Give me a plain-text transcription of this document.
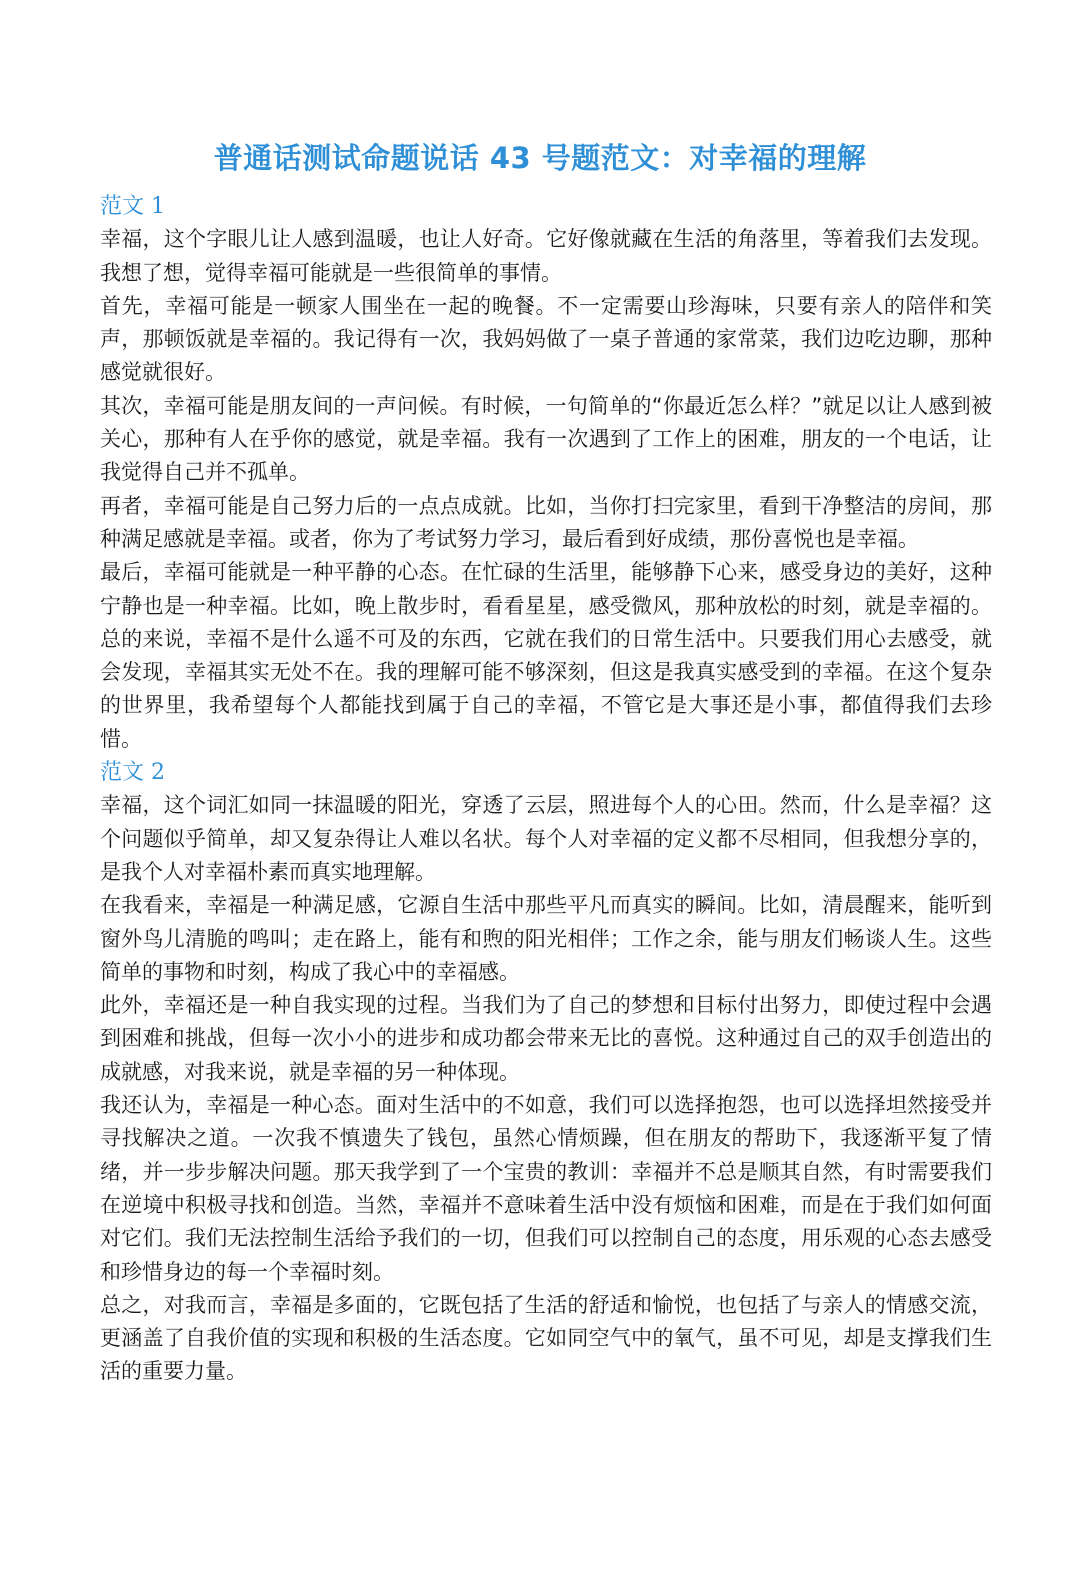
普通话测试命题说话 43 号题范文：对幸福的理解
范文 1

幸福，这个字眼儿让人感到温暖，也让人好奇。它好像就藏在生活的角落里，等着我们去发现。我想了想，觉得幸福可能就是一些很简单的事情。

首先，幸福可能是一顿家人围坐在一起的晚餐。不一定需要山珍海味，只要有亲人的陪伴和笑声，那顿饭就是幸福的。我记得有一次，我妈妈做了一桌子普通的家常菜，我们边吃边聊，那种感觉就很好。

其次，幸福可能是朋友间的一声问候。有时候，一句简单的“你最近怎么样？”就足以让人感到被关心，那种有人在乎你的感觉，就是幸福。我有一次遇到了工作上的困难，朋友的一个电话，让我觉得自己并不孤单。

再者，幸福可能是自己努力后的一点点成就。比如，当你打扫完家里，看到干净整洁的房间，那种满足感就是幸福。或者，你为了考试努力学习，最后看到好成绩，那份喜悦也是幸福。

最后，幸福可能就是一种平静的心态。在忙碌的生活里，能够静下心来，感受身边的美好，这种宁静也是一种幸福。比如，晚上散步时，看看星星，感受微风，那种放松的时刻，就是幸福的。总的来说，幸福不是什么遥不可及的东西，它就在我们的日常生活中。只要我们用心去感受，就会发现，幸福其实无处不在。我的理解可能不够深刻，但这是我真实感受到的幸福。在这个复杂的世界里，我希望每个人都能找到属于自己的幸福，不管它是大事还是小事，都值得我们去珍惜。

范文 2

幸福，这个词汇如同一抹温暖的阳光，穿透了云层，照进每个人的心田。然而，什么是幸福？这个问题似乎简单，却又复杂得让人难以名状。每个人对幸福的定义都不尽相同，但我想分享的，是我个人对幸福朴素而真实地理解。

在我看来，幸福是一种满足感，它源自生活中那些平凡而真实的瞬间。比如，清晨醒来，能听到窗外鸟儿清脆的鸣叫；走在路上，能有和煦的阳光相伴；工作之余，能与朋友们畅谈人生。这些简单的事物和时刻，构成了我心中的幸福感。

此外，幸福还是一种自我实现的过程。当我们为了自己的梦想和目标付出努力，即使过程中会遇到困难和挑战，但每一次小小的进步和成功都会带来无比的喜悦。这种通过自己的双手创造出的成就感，对我来说，就是幸福的另一种体现。

我还认为，幸福是一种心态。面对生活中的不如意，我们可以选择抱怨，也可以选择坦然接受并寻找解决之道。一次我不慎遗失了钱包，虽然心情烦躁，但在朋友的帮助下，我逐渐平复了情绪，并一步步解决问题。那天我学到了一个宝贵的教训：幸福并不总是顺其自然，有时需要我们在逆境中积极寻找和创造。当然，幸福并不意味着生活中没有烦恼和困难，而是在于我们如何面对它们。我们无法控制生活给予我们的一切，但我们可以控制自己的态度，用乐观的心态去感受和珍惜身边的每一个幸福时刻。

总之，对我而言，幸福是多面的，它既包括了生活的舒适和愉悦，也包括了与亲人的情感交流，更涵盖了自我价值的实现和积极的生活态度。它如同空气中的氧气，虽不可见，却是支撑我们生活的重要力量。
